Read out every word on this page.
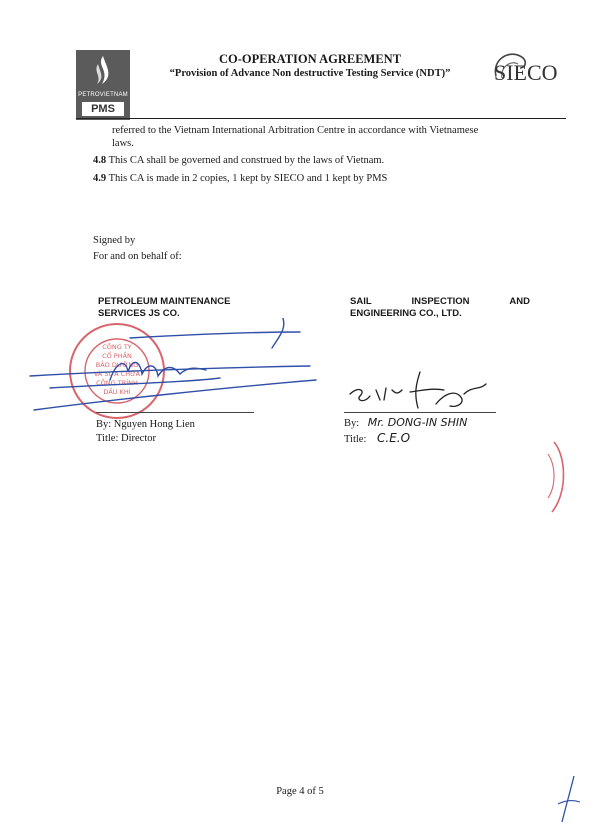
PETROVIETNAM
PMS
CO-OPERATION AGREEMENT
“Provision of Advance Non destructive Testing Service (NDT)”	SIECO
referred to the Vietnam International Arbitration Centre in accordance with Vietnamese
laws.
4.8 This CA shall be governed and construed by the laws of Vietnam.
4.9 This CA is made in 2 copies, 1 kept by SIECO and 1 kept by PMS
Signed by
For and on behalf of:
PETROLEUM MAINTENANCE
SERVICES JS CO.
CÔNG TY
CỔ PHẦN
BẢO DƯỠNG
VÀ SỬA CHỮA
CÔNG TRÌNH
DẦU KHÍ
By: Nguyen Hong Lien
Title: Director
SAIL	INSPECTION	AND
ENGINEERING CO., LTD.
By: Mr. DONG-IN SHIN
Title: C.E.O
Page 4 of 5
